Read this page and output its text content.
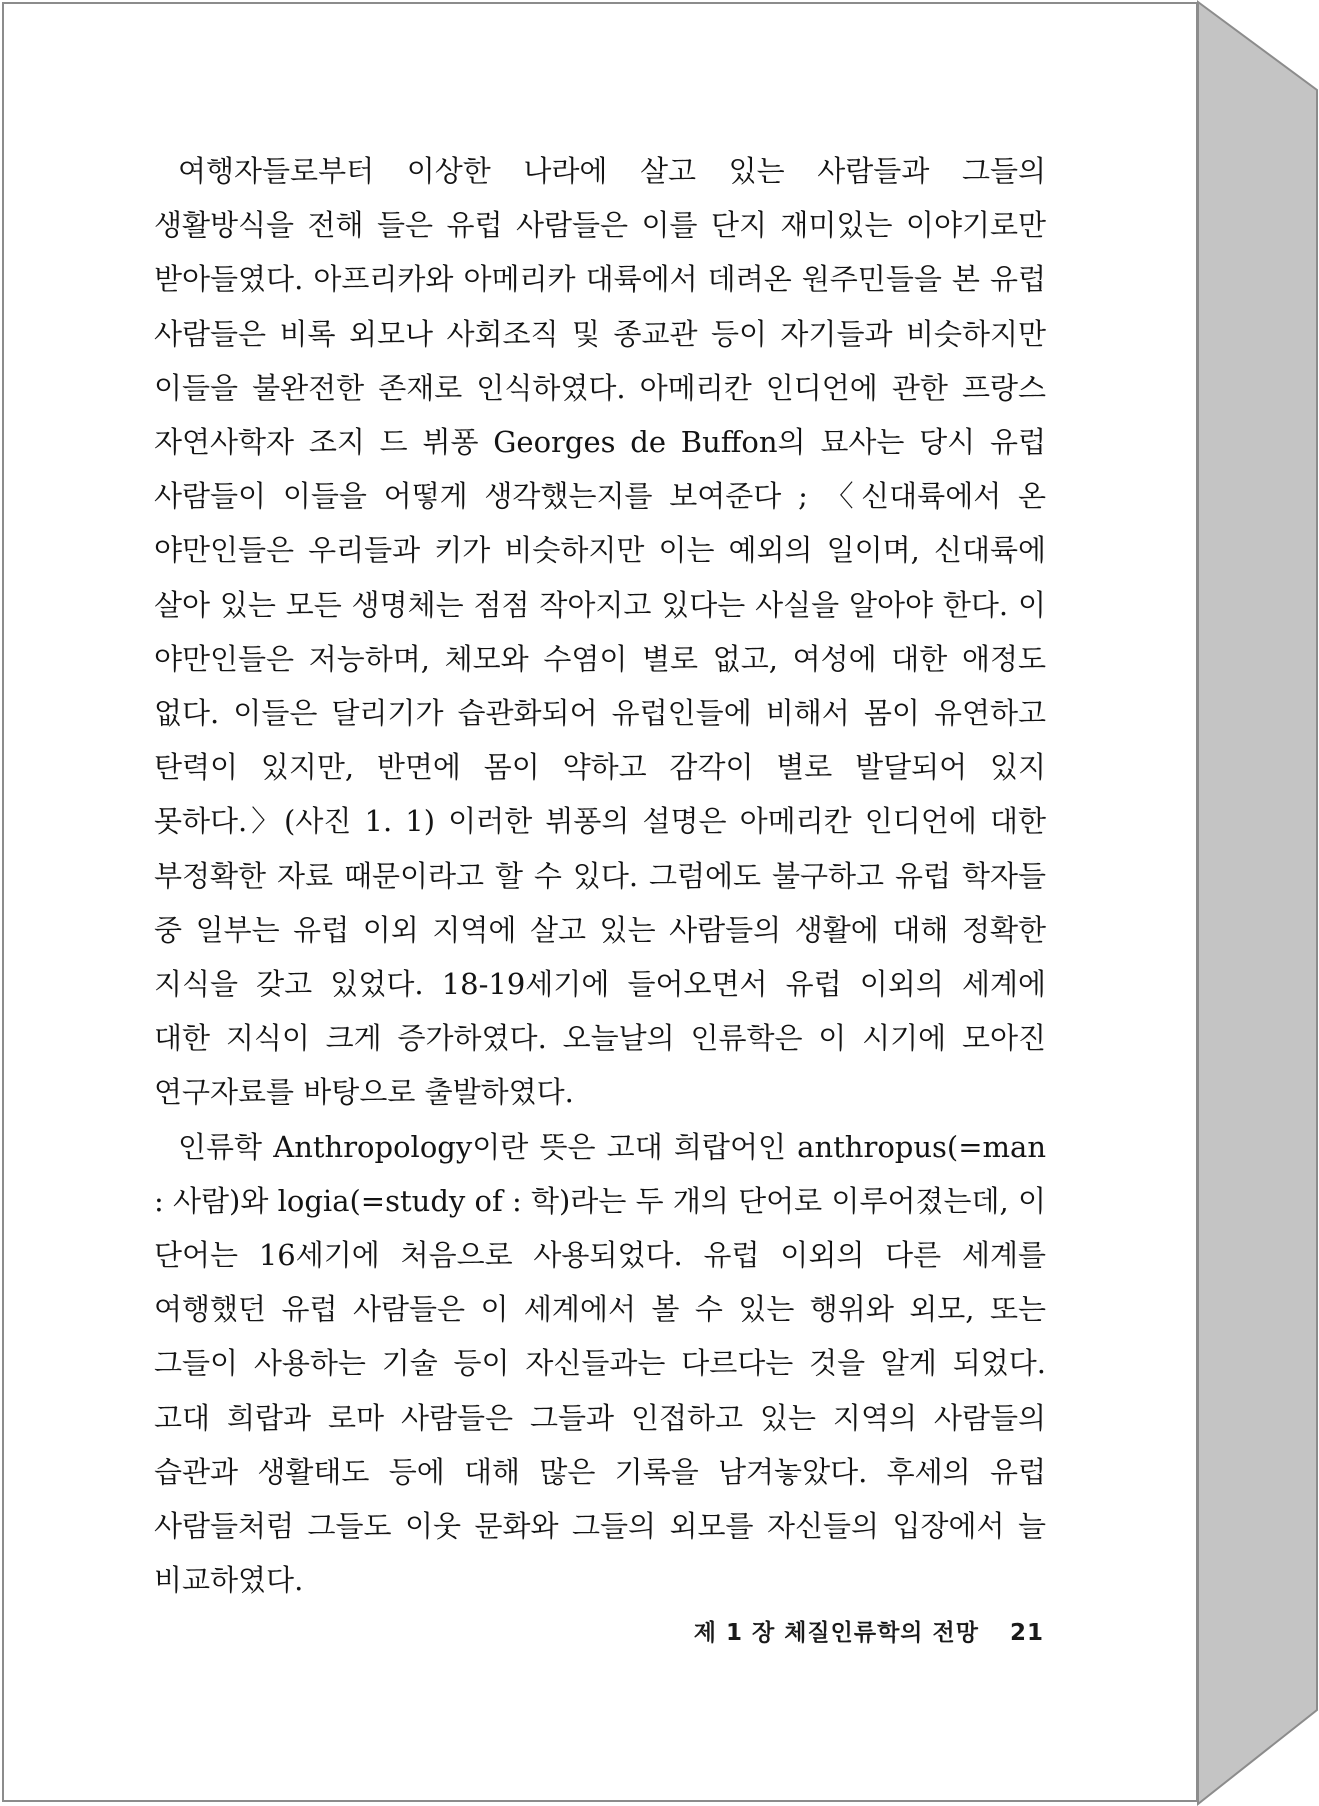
여행자들로부터 이상한 나라에 살고 있는 사람들과 그들의 생활방식을 전해 들은 유럽 사람들은 이를 단지 재미있는 이야기로만 받아들였다. 아프리카와 아메리카 대륙에서 데려온 원주민들을 본 유럽 사람들은 비록 외모나 사회조직 및 종교관 등이 자기들과 비슷하지만 이들을 불완전한 존재로 인식하였다. 아메리칸 인디언에 관한 프랑스 자연사학자 조지 드 뷔퐁 Georges de Buffon의 묘사는 당시 유럽 사람들이 이들을 어떻게 생각했는지를 보여준다 ; 〈신대륙에서 온 야만인들은 우리들과 키가 비슷하지만 이는 예외의 일이며, 신대륙에 살아 있는 모든 생명체는 점점 작아지고 있다는 사실을 알아야 한다. 이 야만인들은 저능하며, 체모와 수염이 별로 없고, 여성에 대한 애정도 없다. 이들은 달리기가 습관화되어 유럽인들에 비해서 몸이 유연하고 탄력이 있지만, 반면에 몸이 약하고 감각이 별로 발달되어 있지 못하다.〉(사진 1. 1) 이러한 뷔퐁의 설명은 아메리칸 인디언에 대한 부정확한 자료 때문이라고 할 수 있다. 그럼에도 불구하고 유럽 학자들 중 일부는 유럽 이외 지역에 살고 있는 사람들의 생활에 대해 정확한 지식을 갖고 있었다. 18-19세기에 들어오면서 유럽 이외의 세계에 대한 지식이 크게 증가하였다. 오늘날의 인류학은 이 시기에 모아진 연구자료를 바탕으로 출발하였다.

인류학 Anthropology이란 뜻은 고대 희랍어인 anthropus(=man : 사람)와 logia(=study of : 학)라는 두 개의 단어로 이루어졌는데, 이 단어는 16세기에 처음으로 사용되었다. 유럽 이외의 다른 세계를 여행했던 유럽 사람들은 이 세계에서 볼 수 있는 행위와 외모, 또는 그들이 사용하는 기술 등이 자신들과는 다르다는 것을 알게 되었다. 고대 희랍과 로마 사람들은 그들과 인접하고 있는 지역의 사람들의 습관과 생활태도 등에 대해 많은 기록을 남겨놓았다. 후세의 유럽 사람들처럼 그들도 이웃 문화와 그들의 외모를 자신들의 입장에서 늘 비교하였다.

제 1 장 체질인류학의 전망 21
